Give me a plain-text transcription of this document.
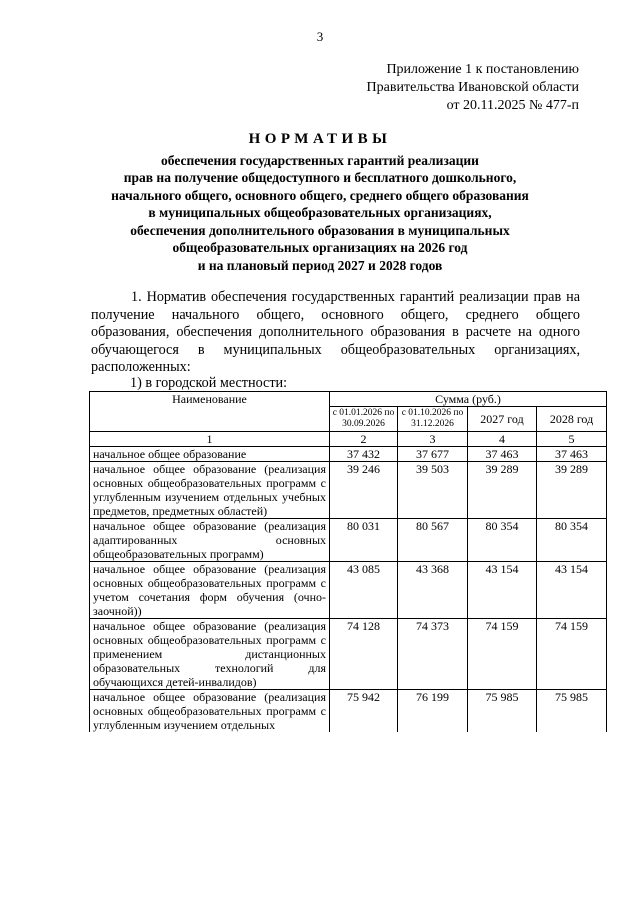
3
Приложение 1 к постановлению
Правительства Ивановской области
от 20.11.2025 № 477-п
НОРМАТИВЫ
обеспечения государственных гарантий реализации
прав на получение общедоступного и бесплатного дошкольного,
начального общего, основного общего, среднего общего образования
в муниципальных общеобразовательных организациях,
обеспечения дополнительного образования в муниципальных
общеобразовательных организациях на 2026 год
и на плановый период 2027 и 2028 годов

1. Норматив обеспечения государственных гарантий реализации прав на получение начального общего, основного общего, среднего общего образования, обеспечения дополнительного образования в расчете на одного обучающегося в муниципальных общеобразовательных организациях, расположенных:

1) в городской местности:
Наименование	Сумма (руб.)			
	с 01.01.2026 по 30.09.2026	с 01.10.2026 по 31.12.2026	2027 год	2028 год
1	2	3	4	5
начальное общее образование	37 432	37 677	37 463	37 463
начальное общее образование (реализация основных общеобразовательных программ с углубленным изучением отдельных учебных предметов, предметных областей)	39 246	39 503	39 289	39 289
начальное общее образование (реализация адаптированных основных общеобразовательных программ)	80 031	80 567	80 354	80 354
начальное общее образование (реализация основных общеобразовательных программ с учетом сочетания форм обучения (очно-заочной))	43 085	43 368	43 154	43 154
начальное общее образование (реализация основных общеобразовательных программ с применением дистанционных образовательных технологий для обучающихся детей-инвалидов)	74 128	74 373	74 159	74 159
начальное общее образование (реализация основных общеобразовательных программ с углубленным изучением отдельных	75 942	76 199	75 985	75 985
